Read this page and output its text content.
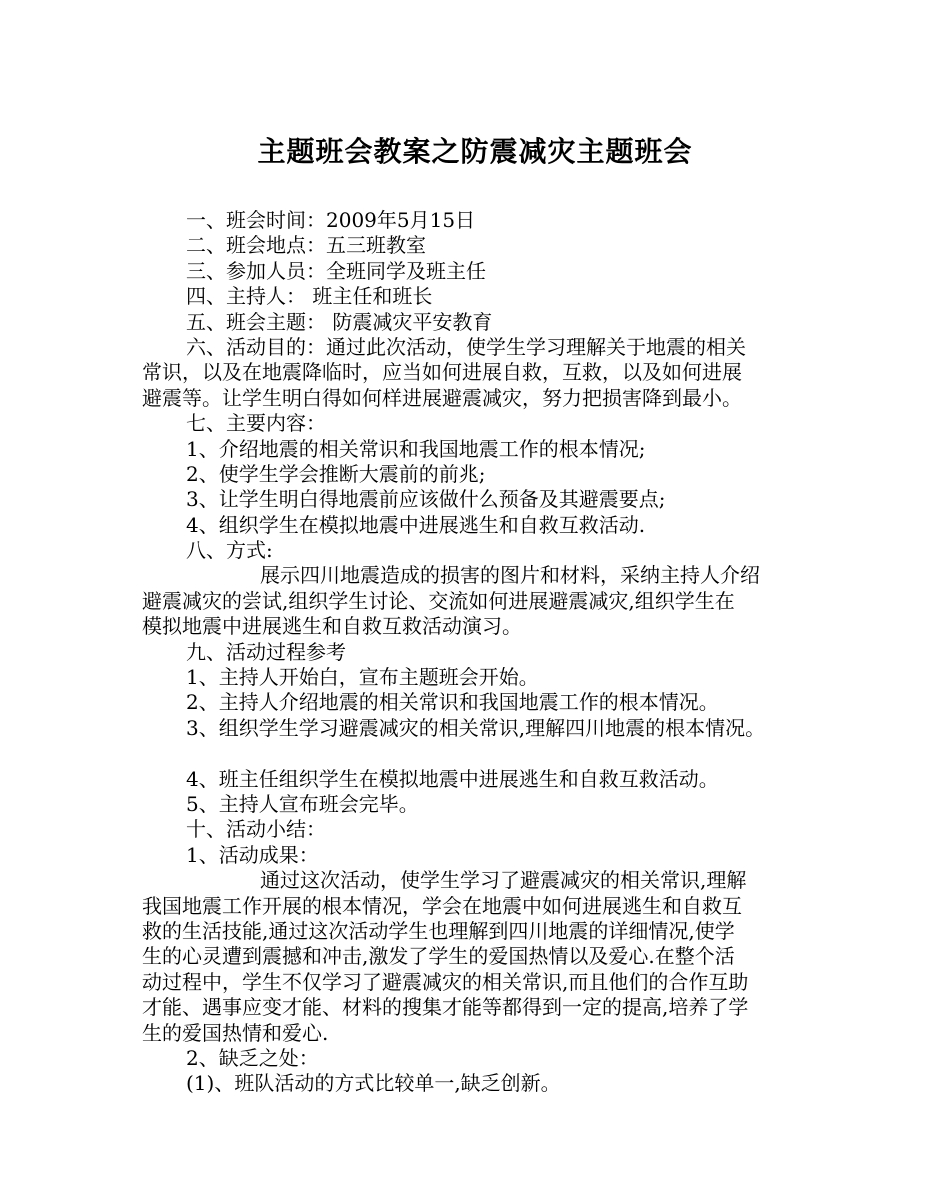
主题班会教案之防震减灾主题班会
一、班会时间：2009年5月15日
二、班会地点：五三班教室
三、参加人员：全班同学及班主任
四、主持人： 班主任和班长
五、班会主题： 防震减灾平安教育
六、活动目的：通过此次活动，使学生学习理解关于地震的相关
常识，以及在地震降临时，应当如何进展自救，互救，以及如何进展
避震等。让学生明白得如何样进展避震减灾，努力把损害降到最小。
七、主要内容：
1、介绍地震的相关常识和我国地震工作的根本情况;
2、使学生学会推断大震前的前兆;
3、让学生明白得地震前应该做什么预备及其避震要点;
4、组织学生在模拟地震中进展逃生和自救互救活动.
八、方式:
展示四川地震造成的损害的图片和材料，采纳主持人介绍
避震减灾的尝试,组织学生讨论、交流如何进展避震减灾,组织学生在
模拟地震中进展逃生和自救互救活动演习。
九、活动过程参考
1、主持人开始白，宣布主题班会开始。
2、主持人介绍地震的相关常识和我国地震工作的根本情况。
3、组织学生学习避震减灾的相关常识,理解四川地震的根本情况。
4、班主任组织学生在模拟地震中进展逃生和自救互救活动。
5、主持人宣布班会完毕。
十、活动小结：
1、活动成果：
通过这次活动，使学生学习了避震减灾的相关常识,理解
我国地震工作开展的根本情况，学会在地震中如何进展逃生和自救互
救的生活技能,通过这次活动学生也理解到四川地震的详细情况,使学
生的心灵遭到震撼和冲击,激发了学生的爱国热情以及爱心.在整个活
动过程中，学生不仅学习了避震减灾的相关常识,而且他们的合作互助
才能、遇事应变才能、材料的搜集才能等都得到一定的提高,培养了学
生的爱国热情和爱心.
2、缺乏之处：
(1)、班队活动的方式比较单一,缺乏创新。
